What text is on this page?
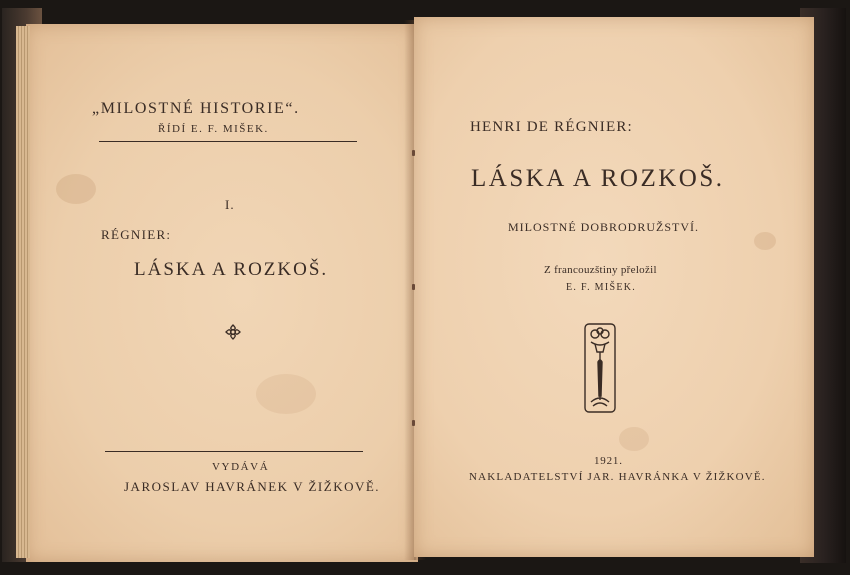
„MILOSTNÉ HISTORIE“.
ŘÍDÍ E. F. MIŠEK.
I.
RÉGNIER:
LÁSKA A ROZKOŠ.
VYDÁVÁ
JAROSLAV HAVRÁNEK V ŽIŽKOVĚ.
HENRI DE RÉGNIER:
LÁSKA A ROZKOŠ.
MILOSTNÉ DOBRODRUŽSTVÍ.
Z francouzštiny přeložil
E. F. MIŠEK.
1921.
NAKLADATELSTVÍ JAR. HAVRÁNKA V ŽIŽKOVĚ.
